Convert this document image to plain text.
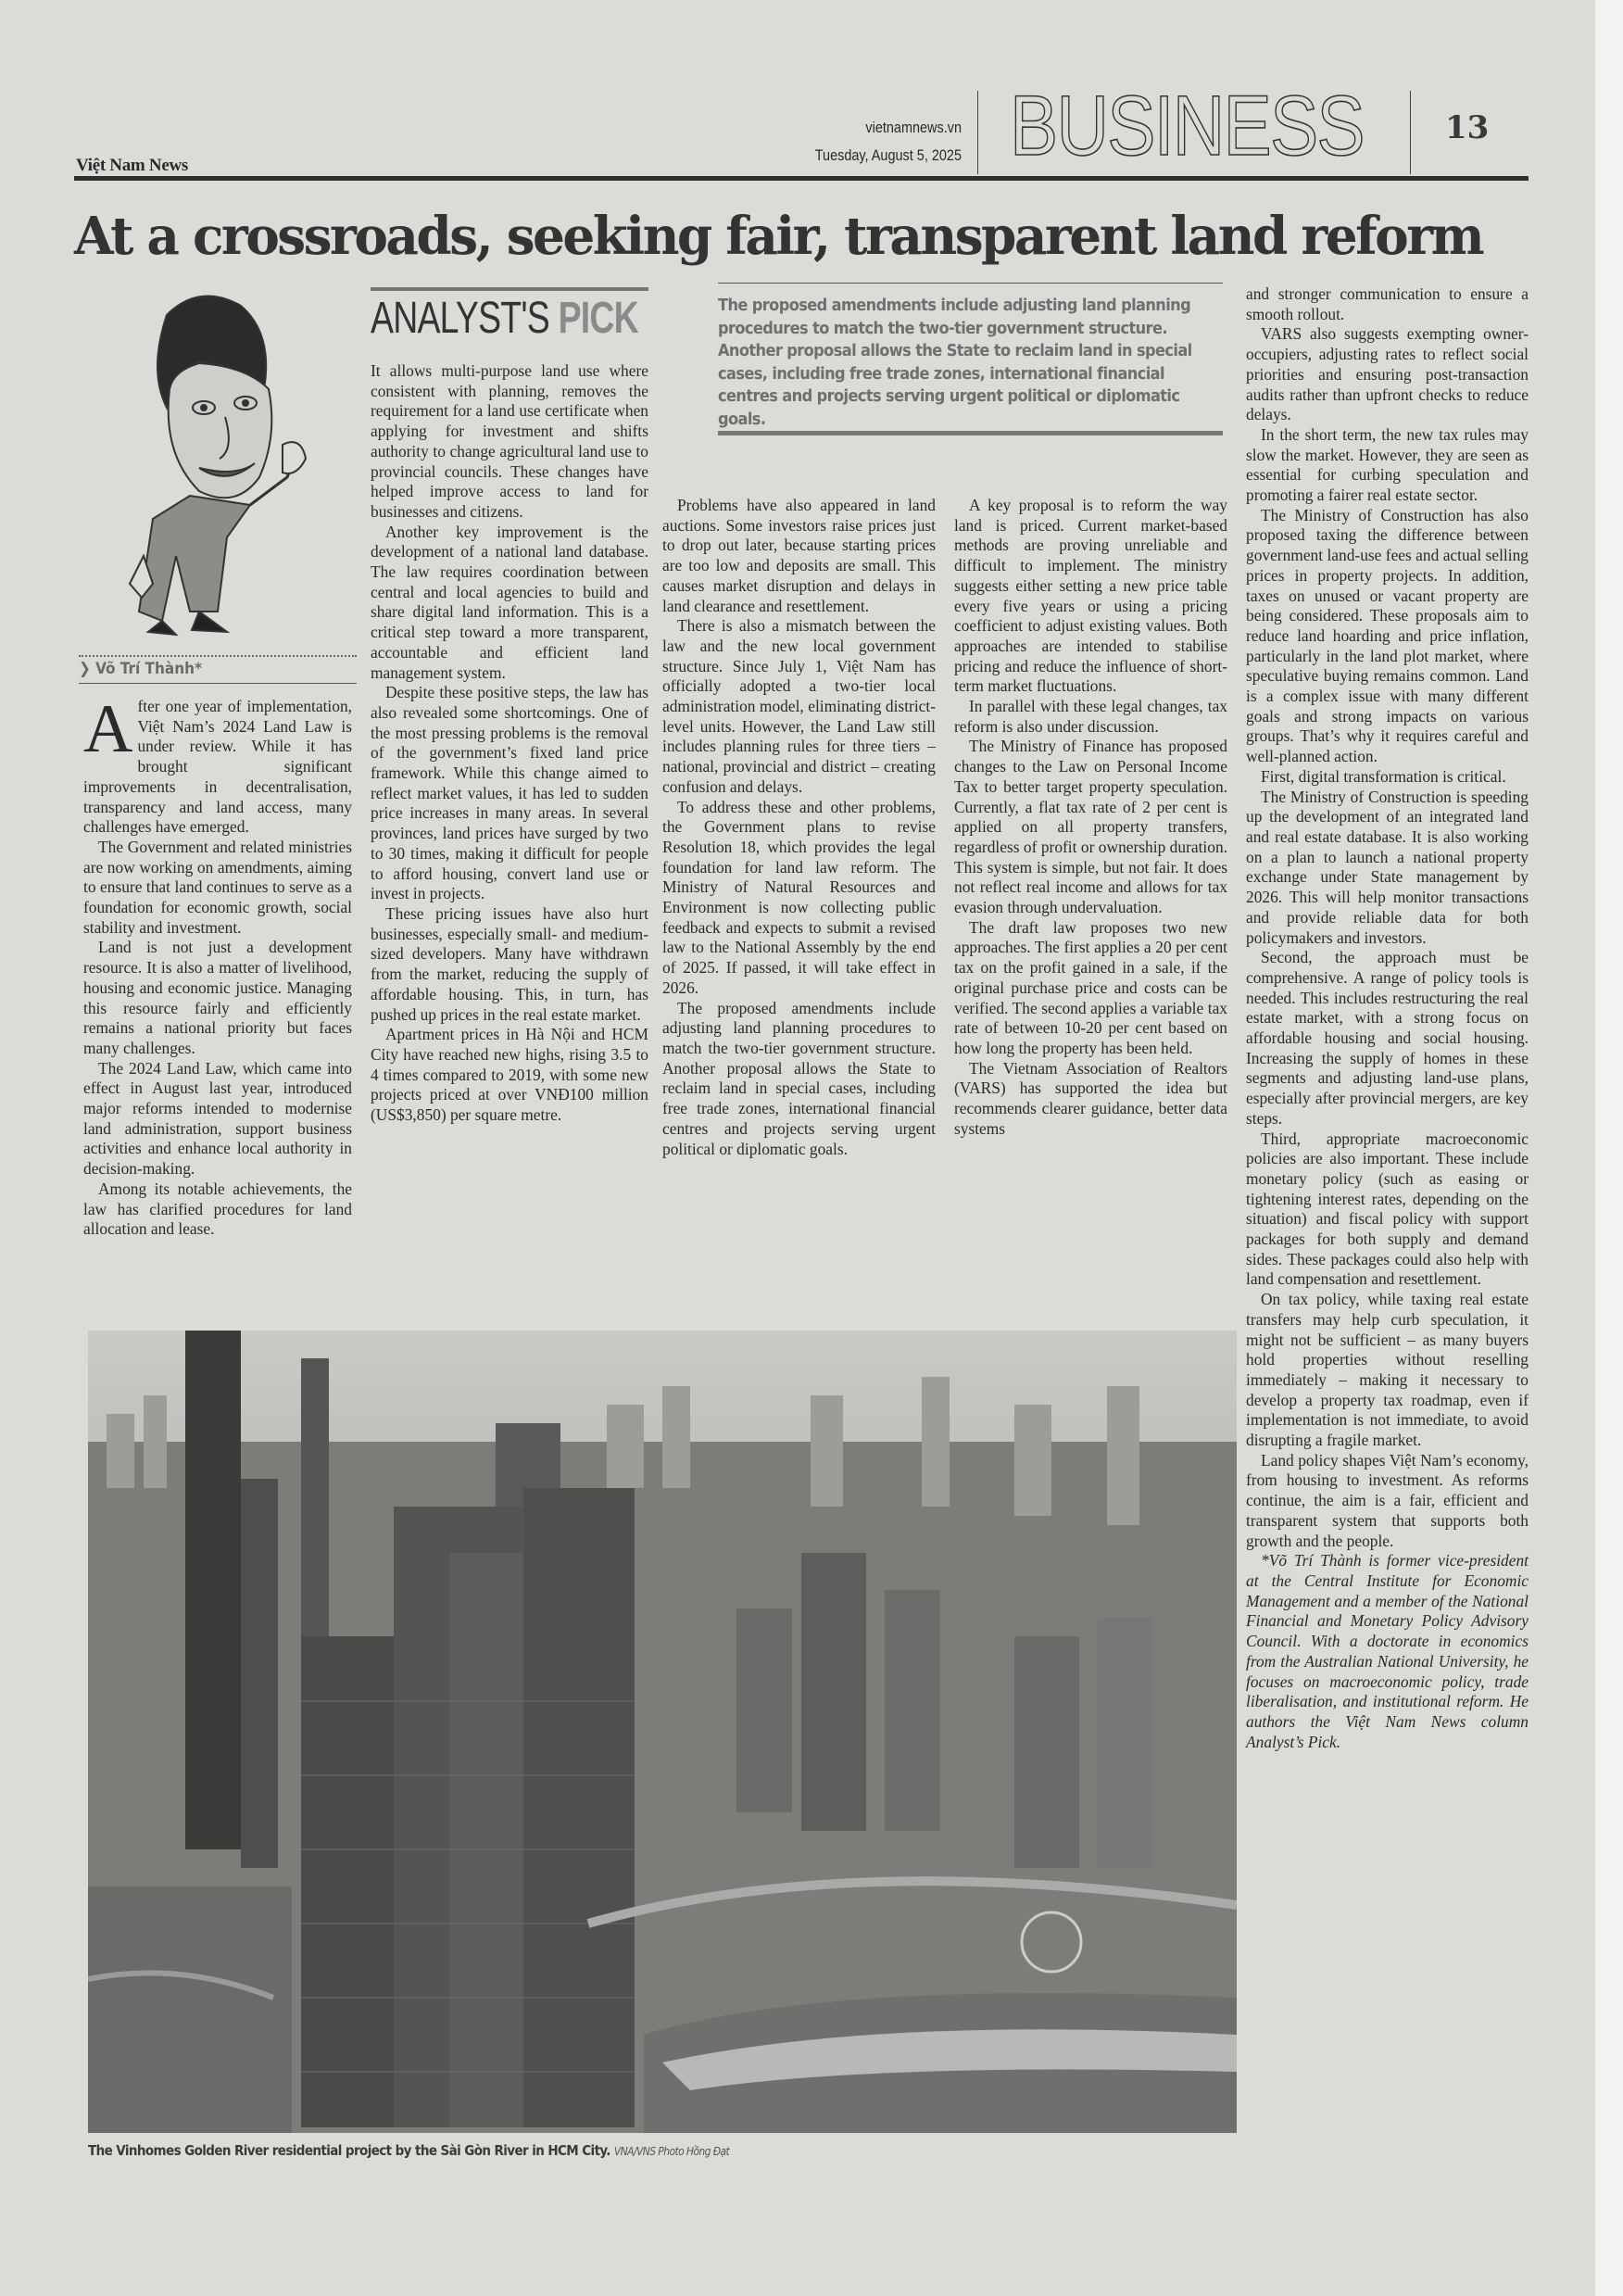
Việt Nam News
vietnamnews.vn
Tuesday, August 5, 2025 BUSINESS	13
At a crossroads, seeking fair, transparent land reform
❯ Võ Trí Thành*

After one year of implementation, Việt Nam’s 2024 Land Law is under review. While it has brought significant improvements in decentralisation, transparency and land access, many challenges have emerged.

The Government and related ministries are now working on amendments, aiming to ensure that land continues to serve as a foundation for economic growth, social stability and investment.

Land is not just a development resource. It is also a matter of livelihood, housing and economic justice. Managing this resource fairly and efficiently remains a national priority but faces many challenges.

The 2024 Land Law, which came into effect in August last year, introduced major reforms intended to modernise land administration, support business activities and enhance local authority in decision-making.

Among its notable achievements, the law has clarified procedures for land allocation and lease.

ANALYST'S PICK

It allows multi-purpose land use where consistent with planning, removes the requirement for a land use certificate when applying for investment and shifts authority to change agricultural land use to provincial councils. These changes have helped improve access to land for businesses and citizens.

Another key improvement is the development of a national land database. The law requires coordination between central and local agencies to build and share digital land information. This is a critical step toward a more transparent, accountable and efficient land management system.

Despite these positive steps, the law has also revealed some shortcomings. One of the most pressing problems is the removal of the government’s fixed land price framework. While this change aimed to reflect market values, it has led to sudden price increases in many areas. In several provinces, land prices have surged by two to 30 times, making it difficult for people to afford housing, convert land use or invest in projects.

These pricing issues have also hurt businesses, especially small- and medium-sized developers. Many have withdrawn from the market, reducing the supply of affordable housing. This, in turn, has pushed up prices in the real estate market.

Apartment prices in Hà Nội and HCM City have reached new highs, rising 3.5 to 4 times compared to 2019, with some new projects priced at over VNĐ100 million (US$3,850) per square metre.

The proposed amendments include adjusting land planning procedures to match the two-tier government structure. Another proposal allows the State to reclaim land in special cases, including free trade zones, international financial centres and projects serving urgent political or diplomatic goals.

Problems have also appeared in land auctions. Some investors raise prices just to drop out later, because starting prices are too low and deposits are small. This causes market disruption and delays in land clearance and resettlement.

There is also a mismatch between the law and the new local government structure. Since July 1, Việt Nam has officially adopted a two-tier local administration model, eliminating district-level units. However, the Land Law still includes planning rules for three tiers – national, provincial and district – creating confusion and delays.

To address these and other problems, the Government plans to revise Resolution 18, which provides the legal foundation for land law reform. The Ministry of Natural Resources and Environment is now collecting public feedback and expects to submit a revised law to the National Assembly by the end of 2025. If passed, it will take effect in 2026.

The proposed amendments include adjusting land planning procedures to match the two-tier government structure. Another proposal allows the State to reclaim land in special cases, including free trade zones, international financial centres and projects serving urgent political or diplomatic goals.

A key proposal is to reform the way land is priced. Current market-based methods are proving unreliable and difficult to implement. The ministry suggests either setting a new price table every five years or using a pricing coefficient to adjust existing values. Both approaches are intended to stabilise pricing and reduce the influence of short-term market fluctuations.

In parallel with these legal changes, tax reform is also under discussion.

The Ministry of Finance has proposed changes to the Law on Personal Income Tax to better target property speculation. Currently, a flat tax rate of 2 per cent is applied on all property transfers, regardless of profit or ownership duration. This system is simple, but not fair. It does not reflect real income and allows for tax evasion through undervaluation.

The draft law proposes two new approaches. The first applies a 20 per cent tax on the profit gained in a sale, if the original purchase price and costs can be verified. The second applies a variable tax rate of between 10-20 per cent based on how long the property has been held.

The Vietnam Association of Realtors (VARS) has supported the idea but recommends clearer guidance, better data systems

and stronger communication to ensure a smooth rollout.

VARS also suggests exempting owner-occupiers, adjusting rates to reflect social priorities and ensuring post-transaction audits rather than upfront checks to reduce delays.

In the short term, the new tax rules may slow the market. However, they are seen as essential for curbing speculation and promoting a fairer real estate sector.

The Ministry of Construction has also proposed taxing the difference between government land-use fees and actual selling prices in property projects. In addition, taxes on unused or vacant property are being considered. These proposals aim to reduce land hoarding and price inflation, particularly in the land plot market, where speculative buying remains common. Land is a complex issue with many different goals and strong impacts on various groups. That’s why it requires careful and well-planned action.

First, digital transformation is critical.

The Ministry of Construction is speeding up the development of an integrated land and real estate database. It is also working on a plan to launch a national property exchange under State management by 2026. This will help monitor transactions and provide reliable data for both policymakers and investors.

Second, the approach must be comprehensive. A range of policy tools is needed. This includes restructuring the real estate market, with a strong focus on affordable housing and social housing. Increasing the supply of homes in these segments and adjusting land-use plans, especially after provincial mergers, are key steps.

Third, appropriate macroeconomic policies are also important. These include monetary policy (such as easing or tightening interest rates, depending on the situation) and fiscal policy with support packages for both supply and demand sides. These packages could also help with land compensation and resettlement.

On tax policy, while taxing real estate transfers may help curb speculation, it might not be sufficient – as many buyers hold properties without reselling immediately – making it necessary to develop a property tax roadmap, even if implementation is not immediate, to avoid disrupting a fragile market.

Land policy shapes Việt Nam’s economy, from housing to investment. As reforms continue, the aim is a fair, efficient and transparent system that supports both growth and the people.

*Võ Trí Thành is former vice-president at the Central Institute for Economic Management and a member of the National Financial and Monetary Policy Advisory Council. With a doctorate in economics from the Australian National University, he focuses on macroeconomic policy, trade liberalisation, and institutional reform. He authors the Việt Nam News column Analyst’s Pick.

The Vinhomes Golden River residential project by the Sài Gòn River in HCM City. VNA/VNS Photo Hồng Đạt
